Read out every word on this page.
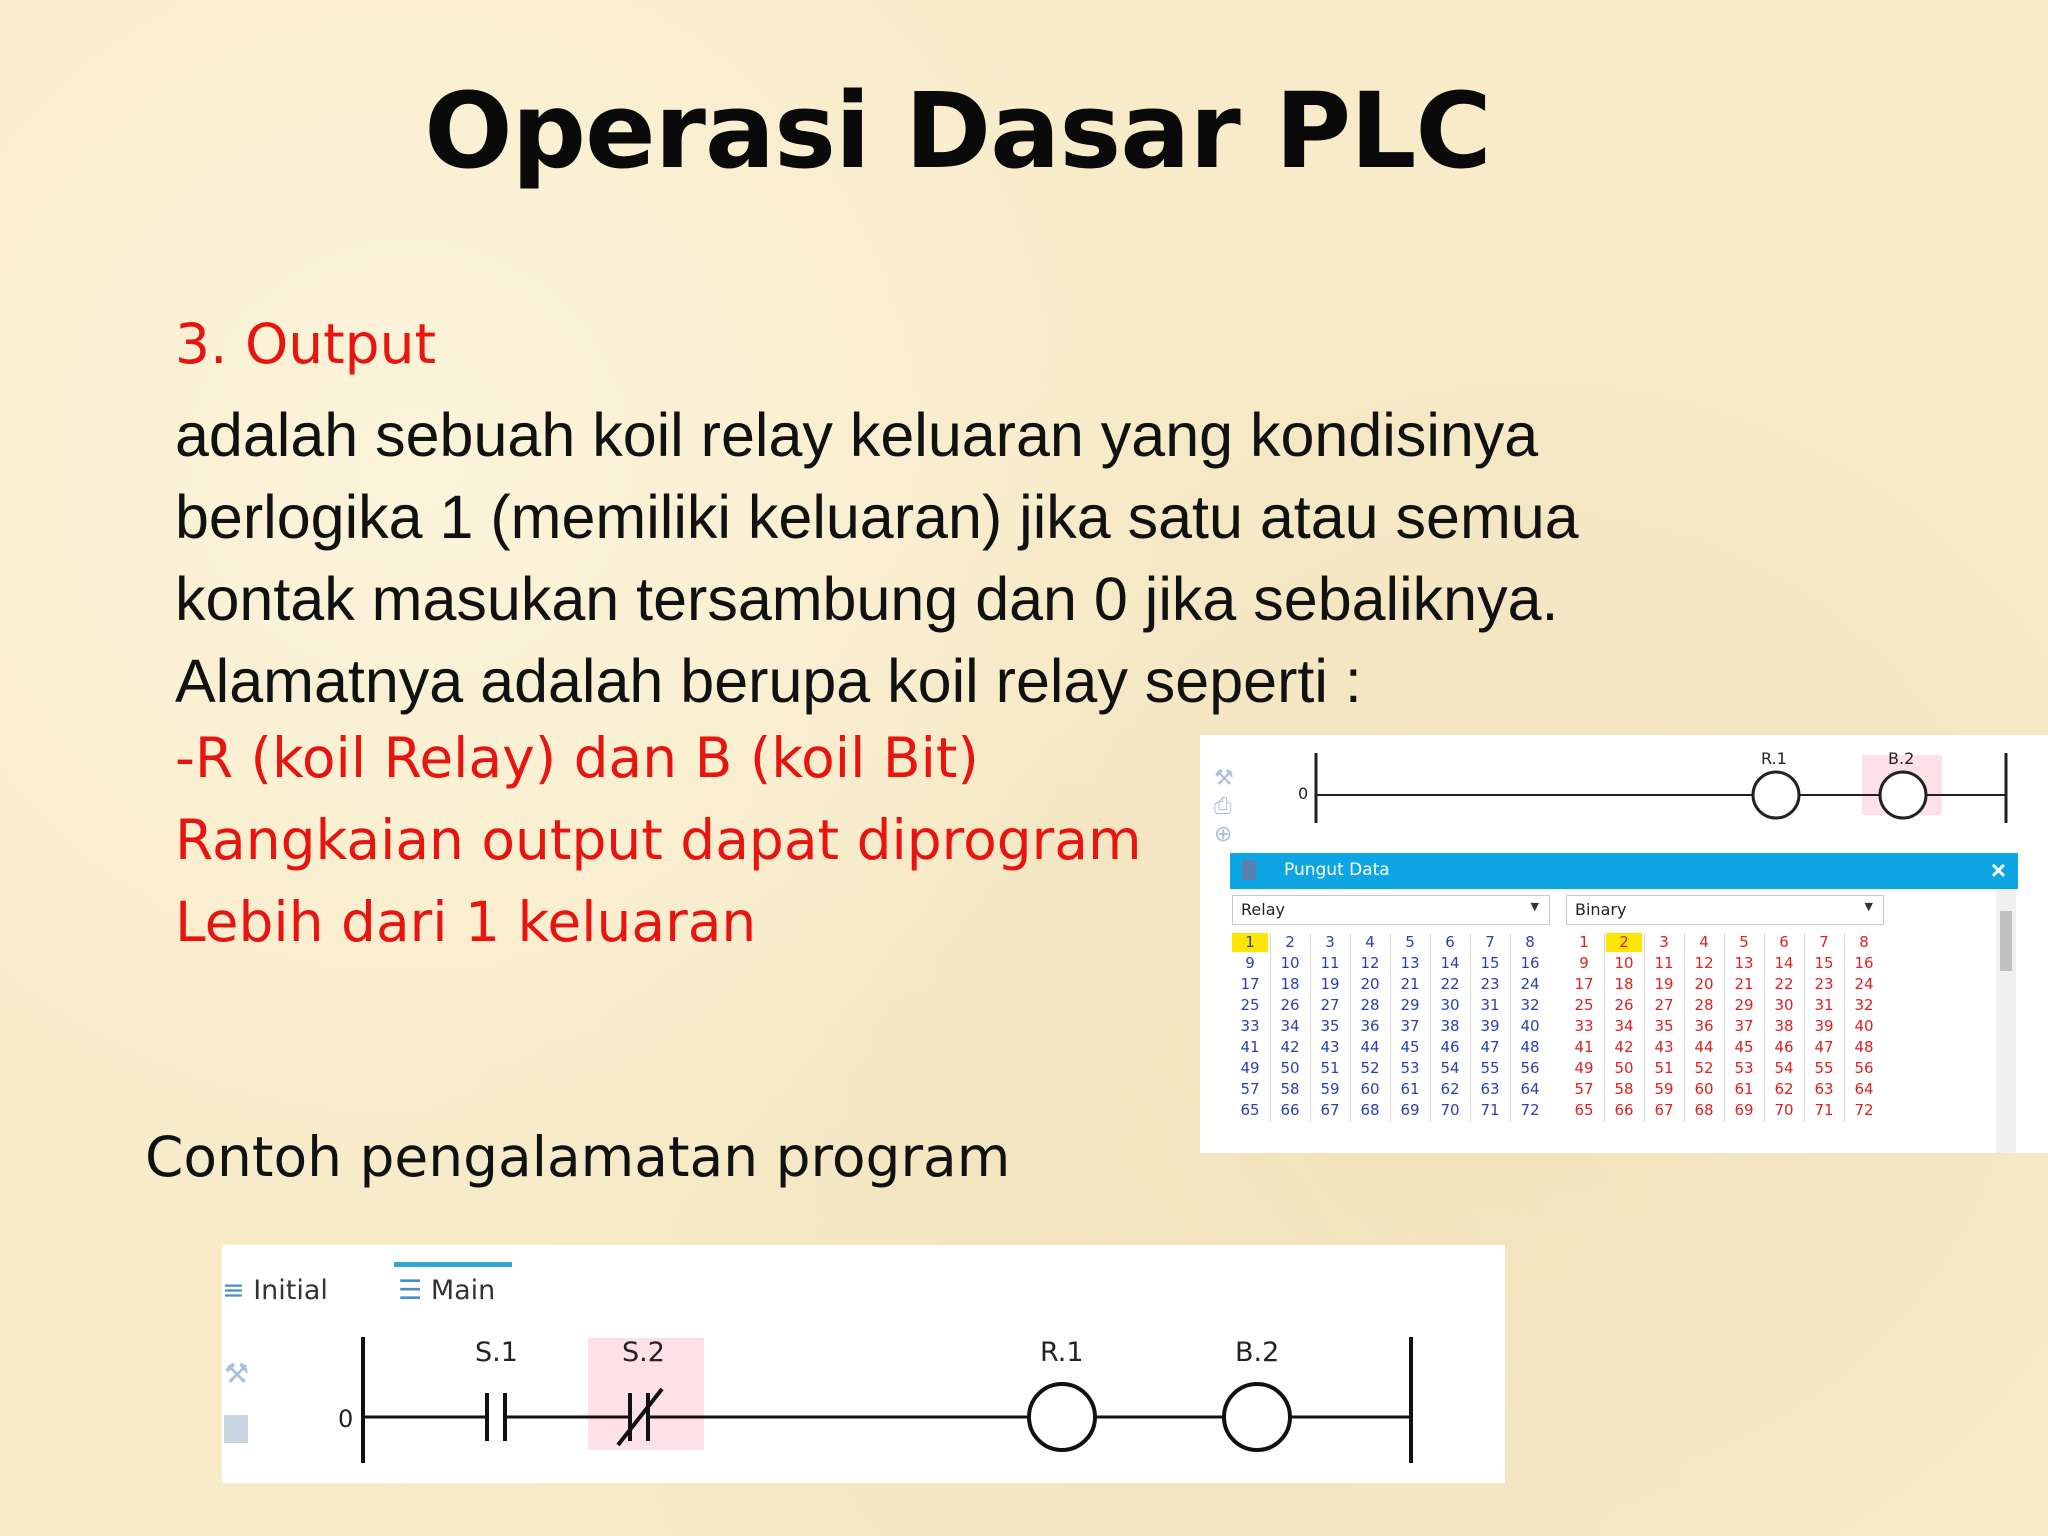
Operasi Dasar PLC
3. Output
adalah sebuah koil relay keluaran yang kondisinya
berlogika 1 (memiliki keluaran) jika satu atau semua
kontak masukan tersambung dan 0 jika sebaliknya.
Alamatnya adalah berupa koil relay seperti :
-R (koil Relay) dan B (koil Bit)
Rangkaian output dapat diprogram
Lebih dari 1 keluaran
Contoh pengalamatan program
⚒
⎙
⊕
0
R.1	B.2
Pungut Data	×
Relay	▼ Binary	▼
1	2	3	4	5	6	7	8
9	10	11	12	13	14	15	16
17	18	19	20	21	22	23	24
25	26	27	28	29	30	31	32
33	34	35	36	37	38	39	40
41	42	43	44	45	46	47	48
49	50	51	52	53	54	55	56
57	58	59	60	61	62	63	64
65	66	67	68	69	70	71	72
1	2	3	4	5	6	7	8
9	10	11	12	13	14	15	16
17	18	19	20	21	22	23	24
25	26	27	28	29	30	31	32
33	34	35	36	37	38	39	40
41	42	43	44	45	46	47	48
49	50	51	52	53	54	55	56
57	58	59	60	61	62	63	64
65	66	67	68	69	70	71	72
≡ Initial	☰ Main
⚒
0
S.1	S.2	R.1	B.2
